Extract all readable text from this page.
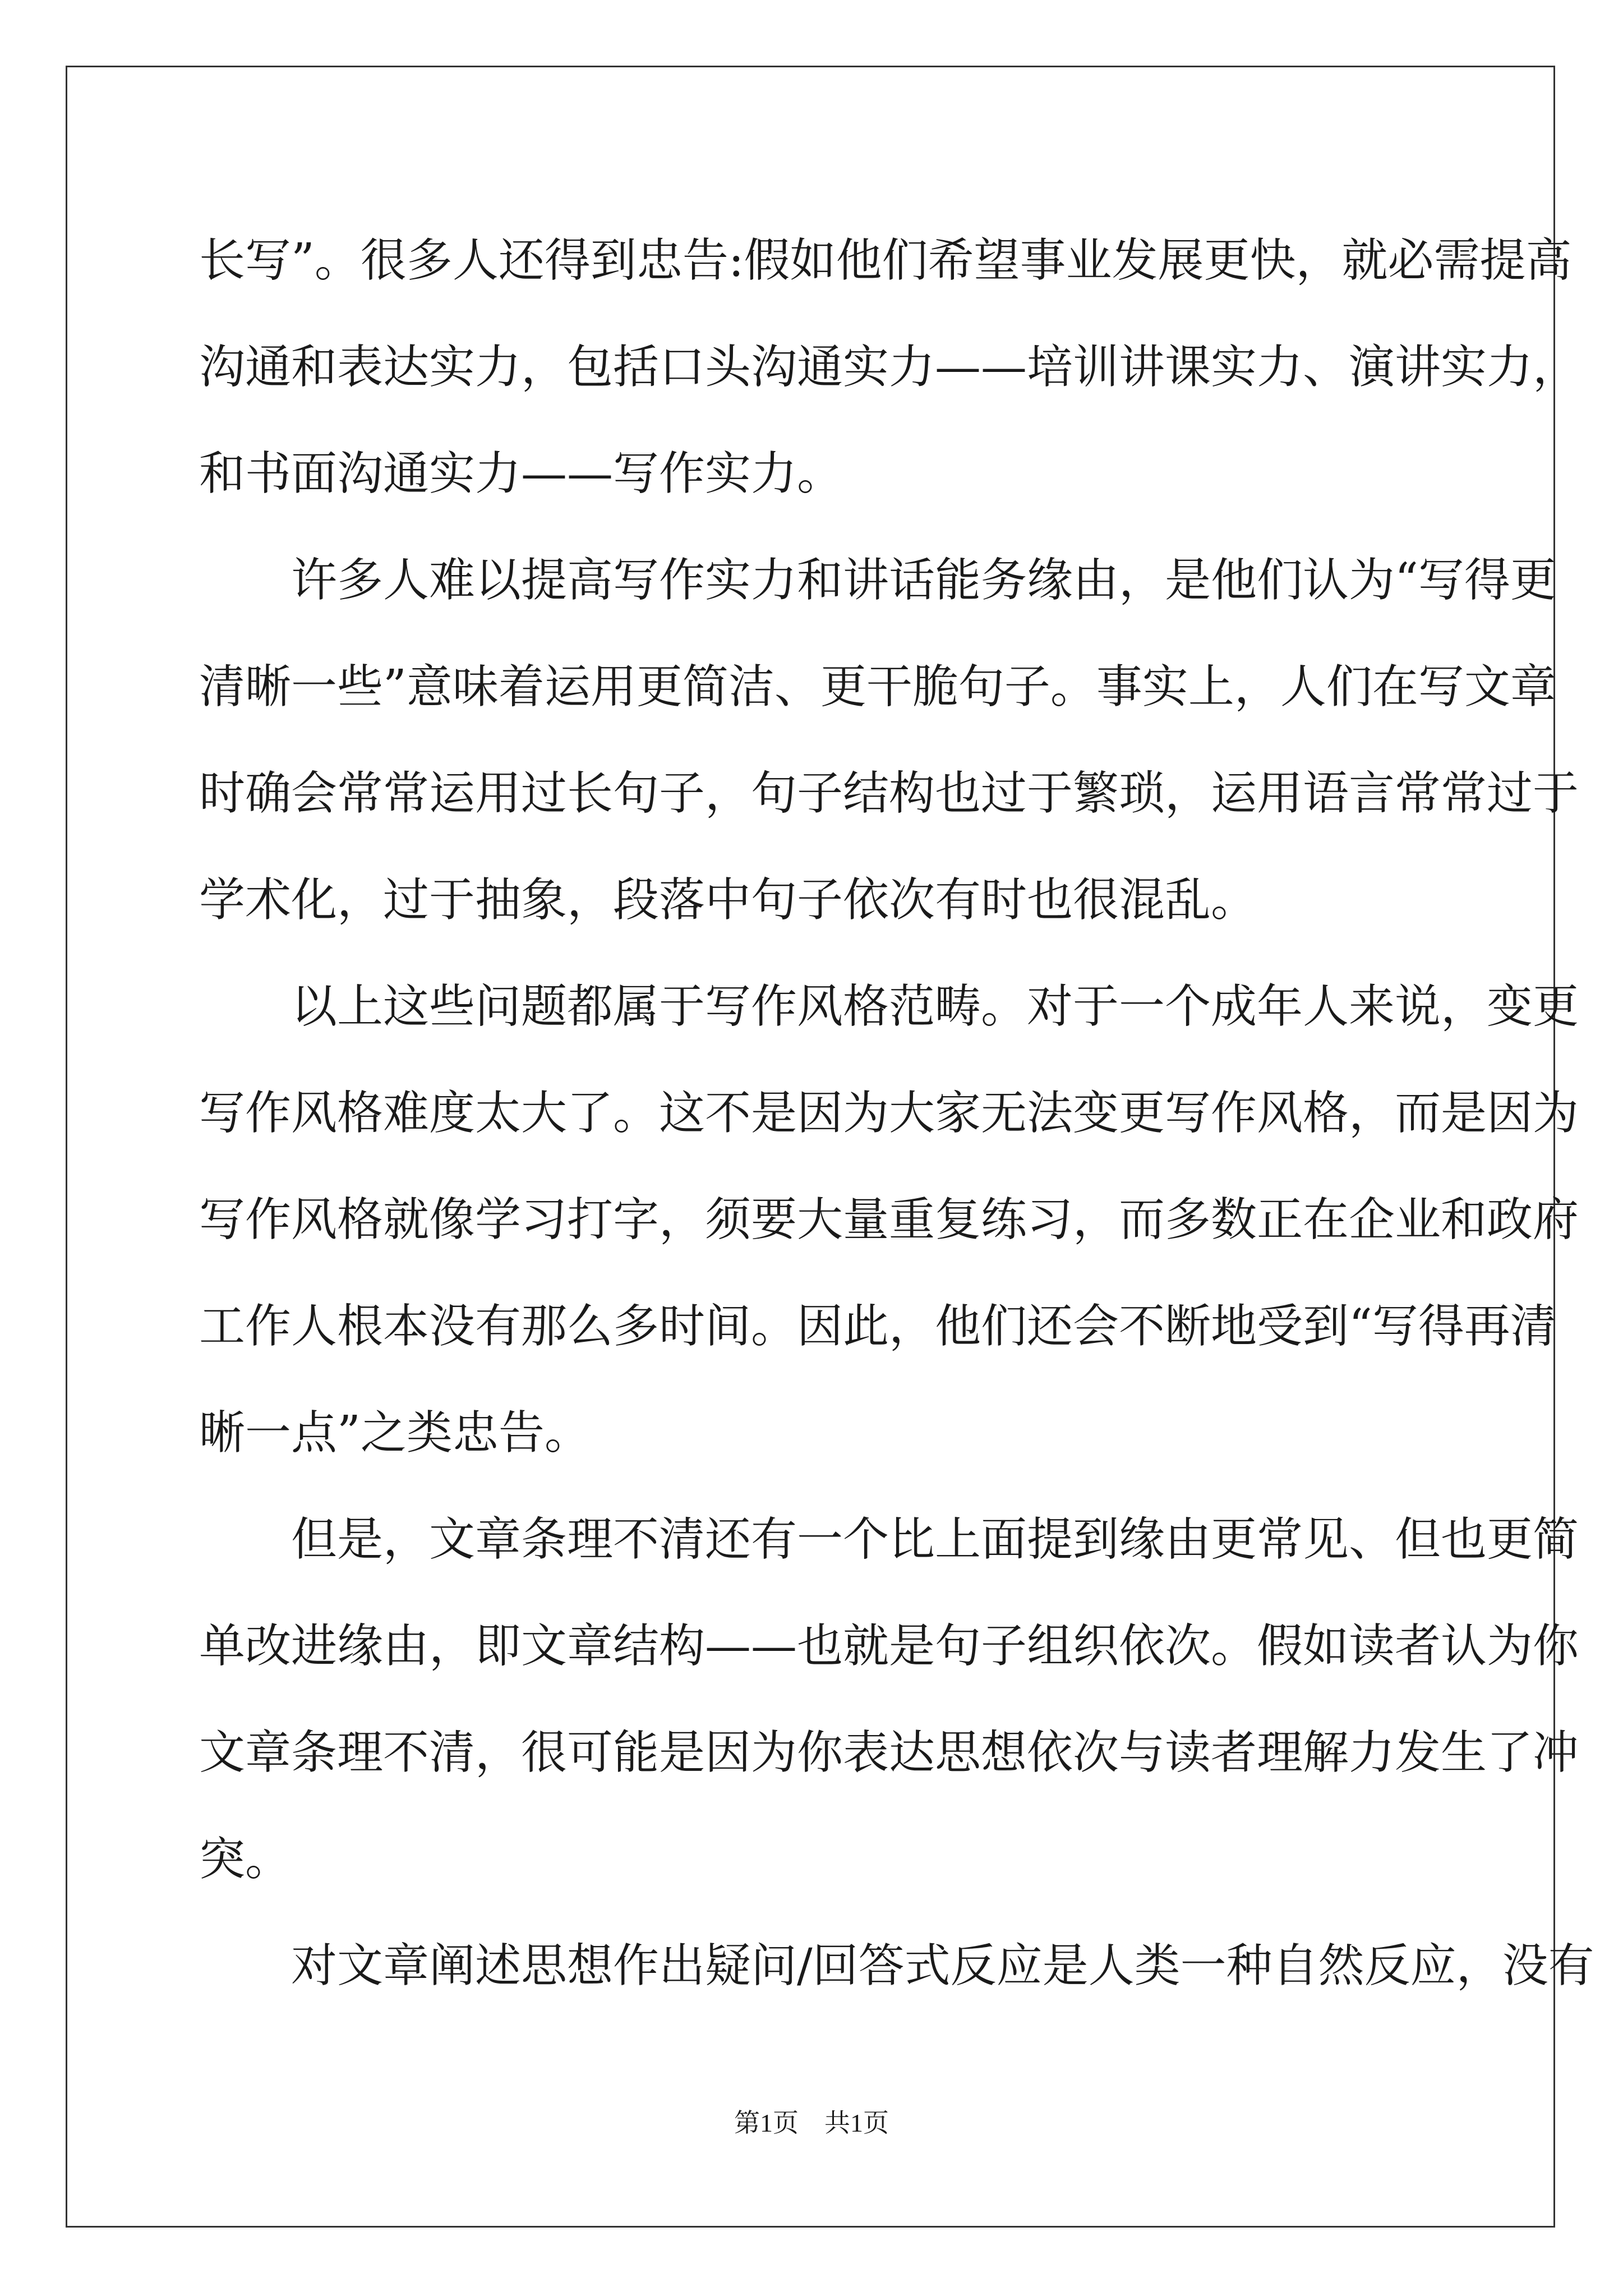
长写”。很多人还得到忠告:假如他们希望事业发展更快，就必需提高
沟通和表达实力，包括口头沟通实力——培训讲课实力、演讲实力，
和书面沟通实力——写作实力。
许多人难以提高写作实力和讲话能务缘由，是他们认为“写得更
清晰一些”意味着运用更简洁、更干脆句子。事实上，人们在写文章
时确会常常运用过长句子，句子结构也过于繁琐，运用语言常常过于
学术化，过于抽象，段落中句子依次有时也很混乱。
以上这些问题都属于写作风格范畴。对于一个成年人来说，变更
写作风格难度太大了。这不是因为大家无法变更写作风格，而是因为
写作风格就像学习打字，须要大量重复练习，而多数正在企业和政府
工作人根本没有那么多时间。因此，他们还会不断地受到“写得再清
晰一点”之类忠告。
但是，文章条理不清还有一个比上面提到缘由更常见、但也更简
单改进缘由，即文章结构——也就是句子组织依次。假如读者认为你
文章条理不清，很可能是因为你表达思想依次与读者理解力发生了冲
突。
对文章阐述思想作出疑问/回答式反应是人类一种自然反应，没有
第1页　共1页
